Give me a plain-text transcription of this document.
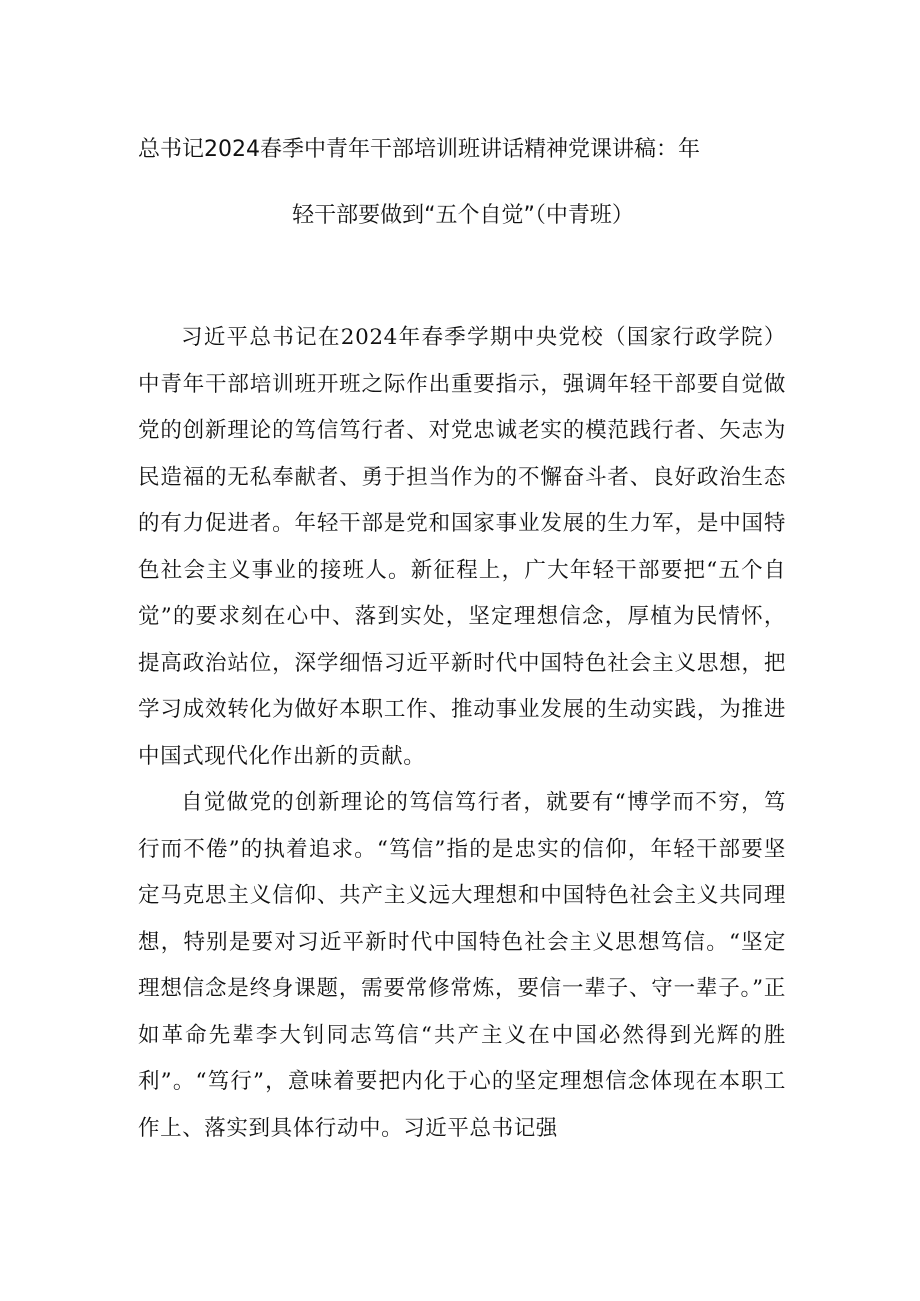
总书记2024春季中青年干部培训班讲话精神党课讲稿：年
轻干部要做到“五个自觉”（中青班）

习近平总书记在2024年春季学期中央党校（国家行政学院）中青年干部培训班开班之际作出重要指示，强调年轻干部要自觉做党的创新理论的笃信笃行者、对党忠诚老实的模范践行者、矢志为民造福的无私奉献者、勇于担当作为的不懈奋斗者、良好政治生态的有力促进者。年轻干部是党和国家事业发展的生力军，是中国特色社会主义事业的接班人。新征程上，广大年轻干部要把“五个自觉”的要求刻在心中、落到实处，坚定理想信念，厚植为民情怀，提高政治站位，深学细悟习近平新时代中国特色社会主义思想，把学习成效转化为做好本职工作、推动事业发展的生动实践，为推进中国式现代化作出新的贡献。

自觉做党的创新理论的笃信笃行者，就要有“博学而不穷，笃行而不倦”的执着追求。“笃信”指的是忠实的信仰，年轻干部要坚定马克思主义信仰、共产主义远大理想和中国特色社会主义共同理想，特别是要对习近平新时代中国特色社会主义思想笃信。“坚定理想信念是终身课题，需要常修常炼，要信一辈子、守一辈子。”正如革命先辈李大钊同志笃信“共产主义在中国必然得到光辉的胜利”。“笃行”，意味着要把内化于心的坚定理想信念体现在本职工作上、落实到具体行动中。习近平总书记强
